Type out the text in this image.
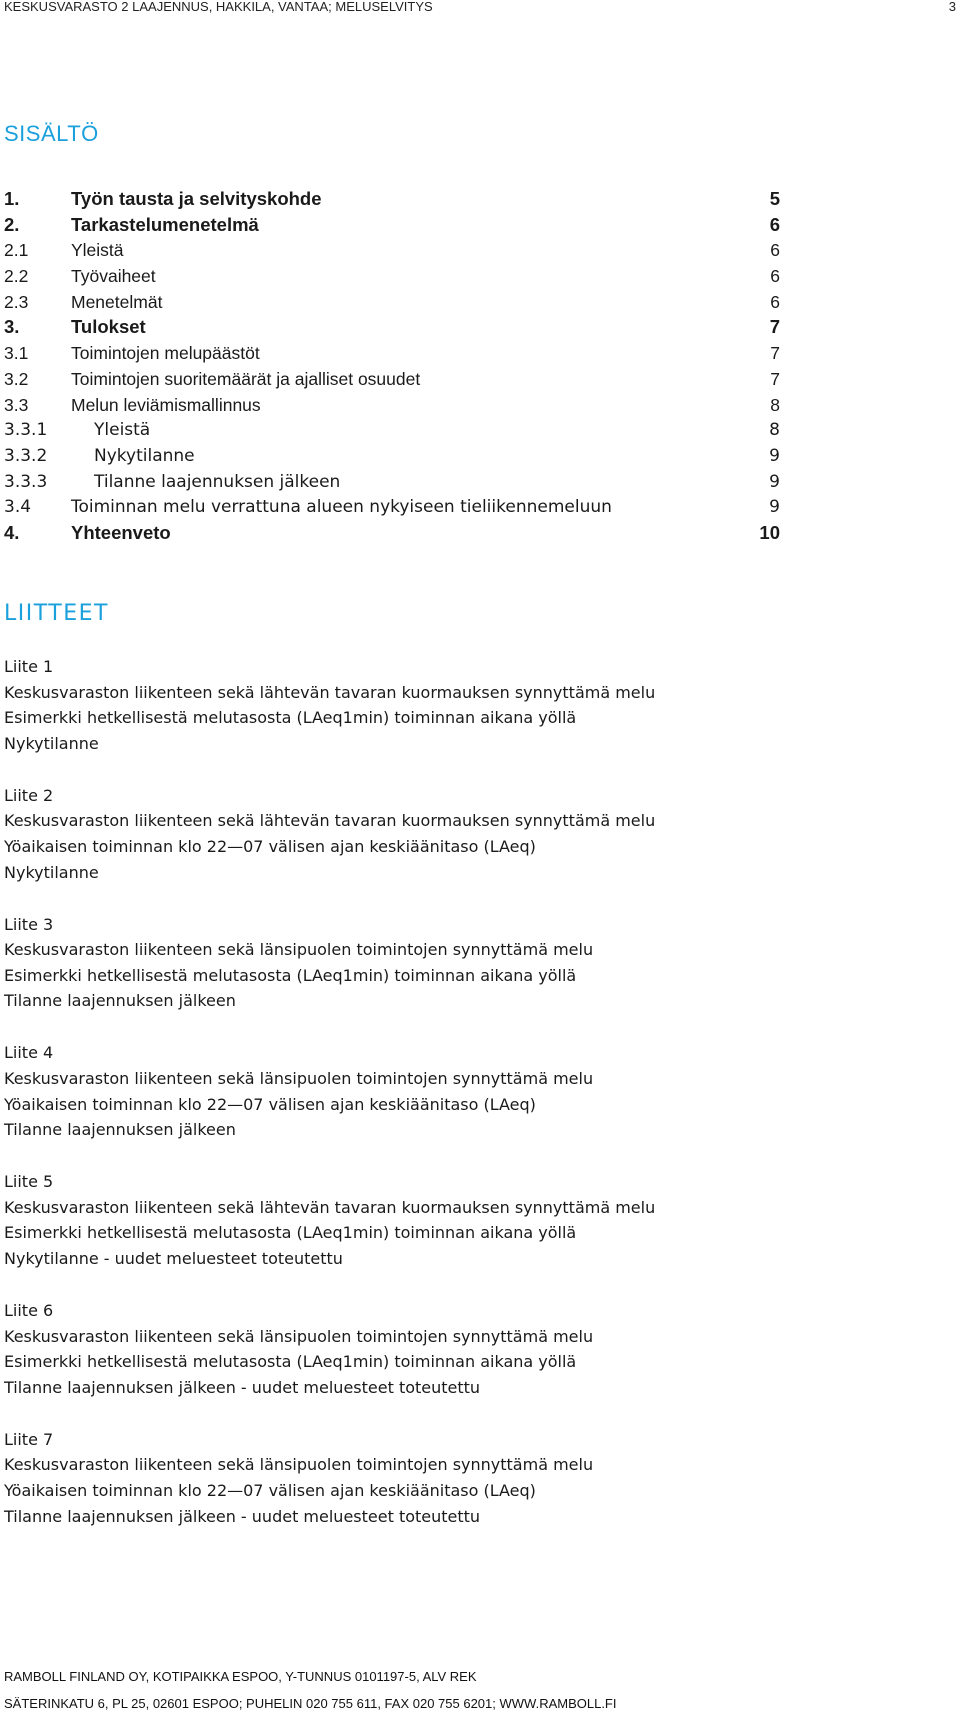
KESKUSVARASTO 2 LAAJENNUS, HAKKILA, VANTAA; MELUSELVITYS	3
SISÄLTÖ
1.	Työn tausta ja selvityskohde	5
2.	Tarkastelumenetelmä	6
2.1 Yleistä	6
2.2 Työvaiheet	6
2.3 Menetelmät	6
3.	Tulokset	7
3.1 Toimintojen melupäästöt	7
3.2 Toimintojen suoritemäärät ja ajalliset osuudet	7
3.3 Melun leviämismallinnus	8
3.3.1	Yleistä	8
3.3.2	Nykytilanne	9
3.3.3	Tilanne laajennuksen jälkeen	9
3.4 Toiminnan melu verrattuna alueen nykyiseen tieliikennemeluun	9
4.	Yhteenveto	10
LIITTEET
Liite 1
Keskusvaraston liikenteen sekä lähtevän tavaran kuormauksen synnyttämä melu
Esimerkki hetkellisestä melutasosta (LAeq1min) toiminnan aikana yöllä
Nykytilanne
Liite 2
Keskusvaraston liikenteen sekä lähtevän tavaran kuormauksen synnyttämä melu
Yöaikaisen toiminnan klo 22—07 välisen ajan keskiäänitaso (LAeq)
Nykytilanne
Liite 3
Keskusvaraston liikenteen sekä länsipuolen toimintojen synnyttämä melu
Esimerkki hetkellisestä melutasosta (LAeq1min) toiminnan aikana yöllä
Tilanne laajennuksen jälkeen
Liite 4
Keskusvaraston liikenteen sekä länsipuolen toimintojen synnyttämä melu
Yöaikaisen toiminnan klo 22—07 välisen ajan keskiäänitaso (LAeq)
Tilanne laajennuksen jälkeen
Liite 5
Keskusvaraston liikenteen sekä lähtevän tavaran kuormauksen synnyttämä melu
Esimerkki hetkellisestä melutasosta (LAeq1min) toiminnan aikana yöllä
Nykytilanne - uudet meluesteet toteutettu
Liite 6
Keskusvaraston liikenteen sekä länsipuolen toimintojen synnyttämä melu
Esimerkki hetkellisestä melutasosta (LAeq1min) toiminnan aikana yöllä
Tilanne laajennuksen jälkeen - uudet meluesteet toteutettu
Liite 7
Keskusvaraston liikenteen sekä länsipuolen toimintojen synnyttämä melu
Yöaikaisen toiminnan klo 22—07 välisen ajan keskiäänitaso (LAeq)
Tilanne laajennuksen jälkeen - uudet meluesteet toteutettu
RAMBOLL FINLAND OY, KOTIPAIKKA ESPOO, Y-TUNNUS 0101197-5, ALV REK
SÄTERINKATU 6, PL 25, 02601 ESPOO; PUHELIN 020 755 611, FAX 020 755 6201; WWW.RAMBOLL.FI
